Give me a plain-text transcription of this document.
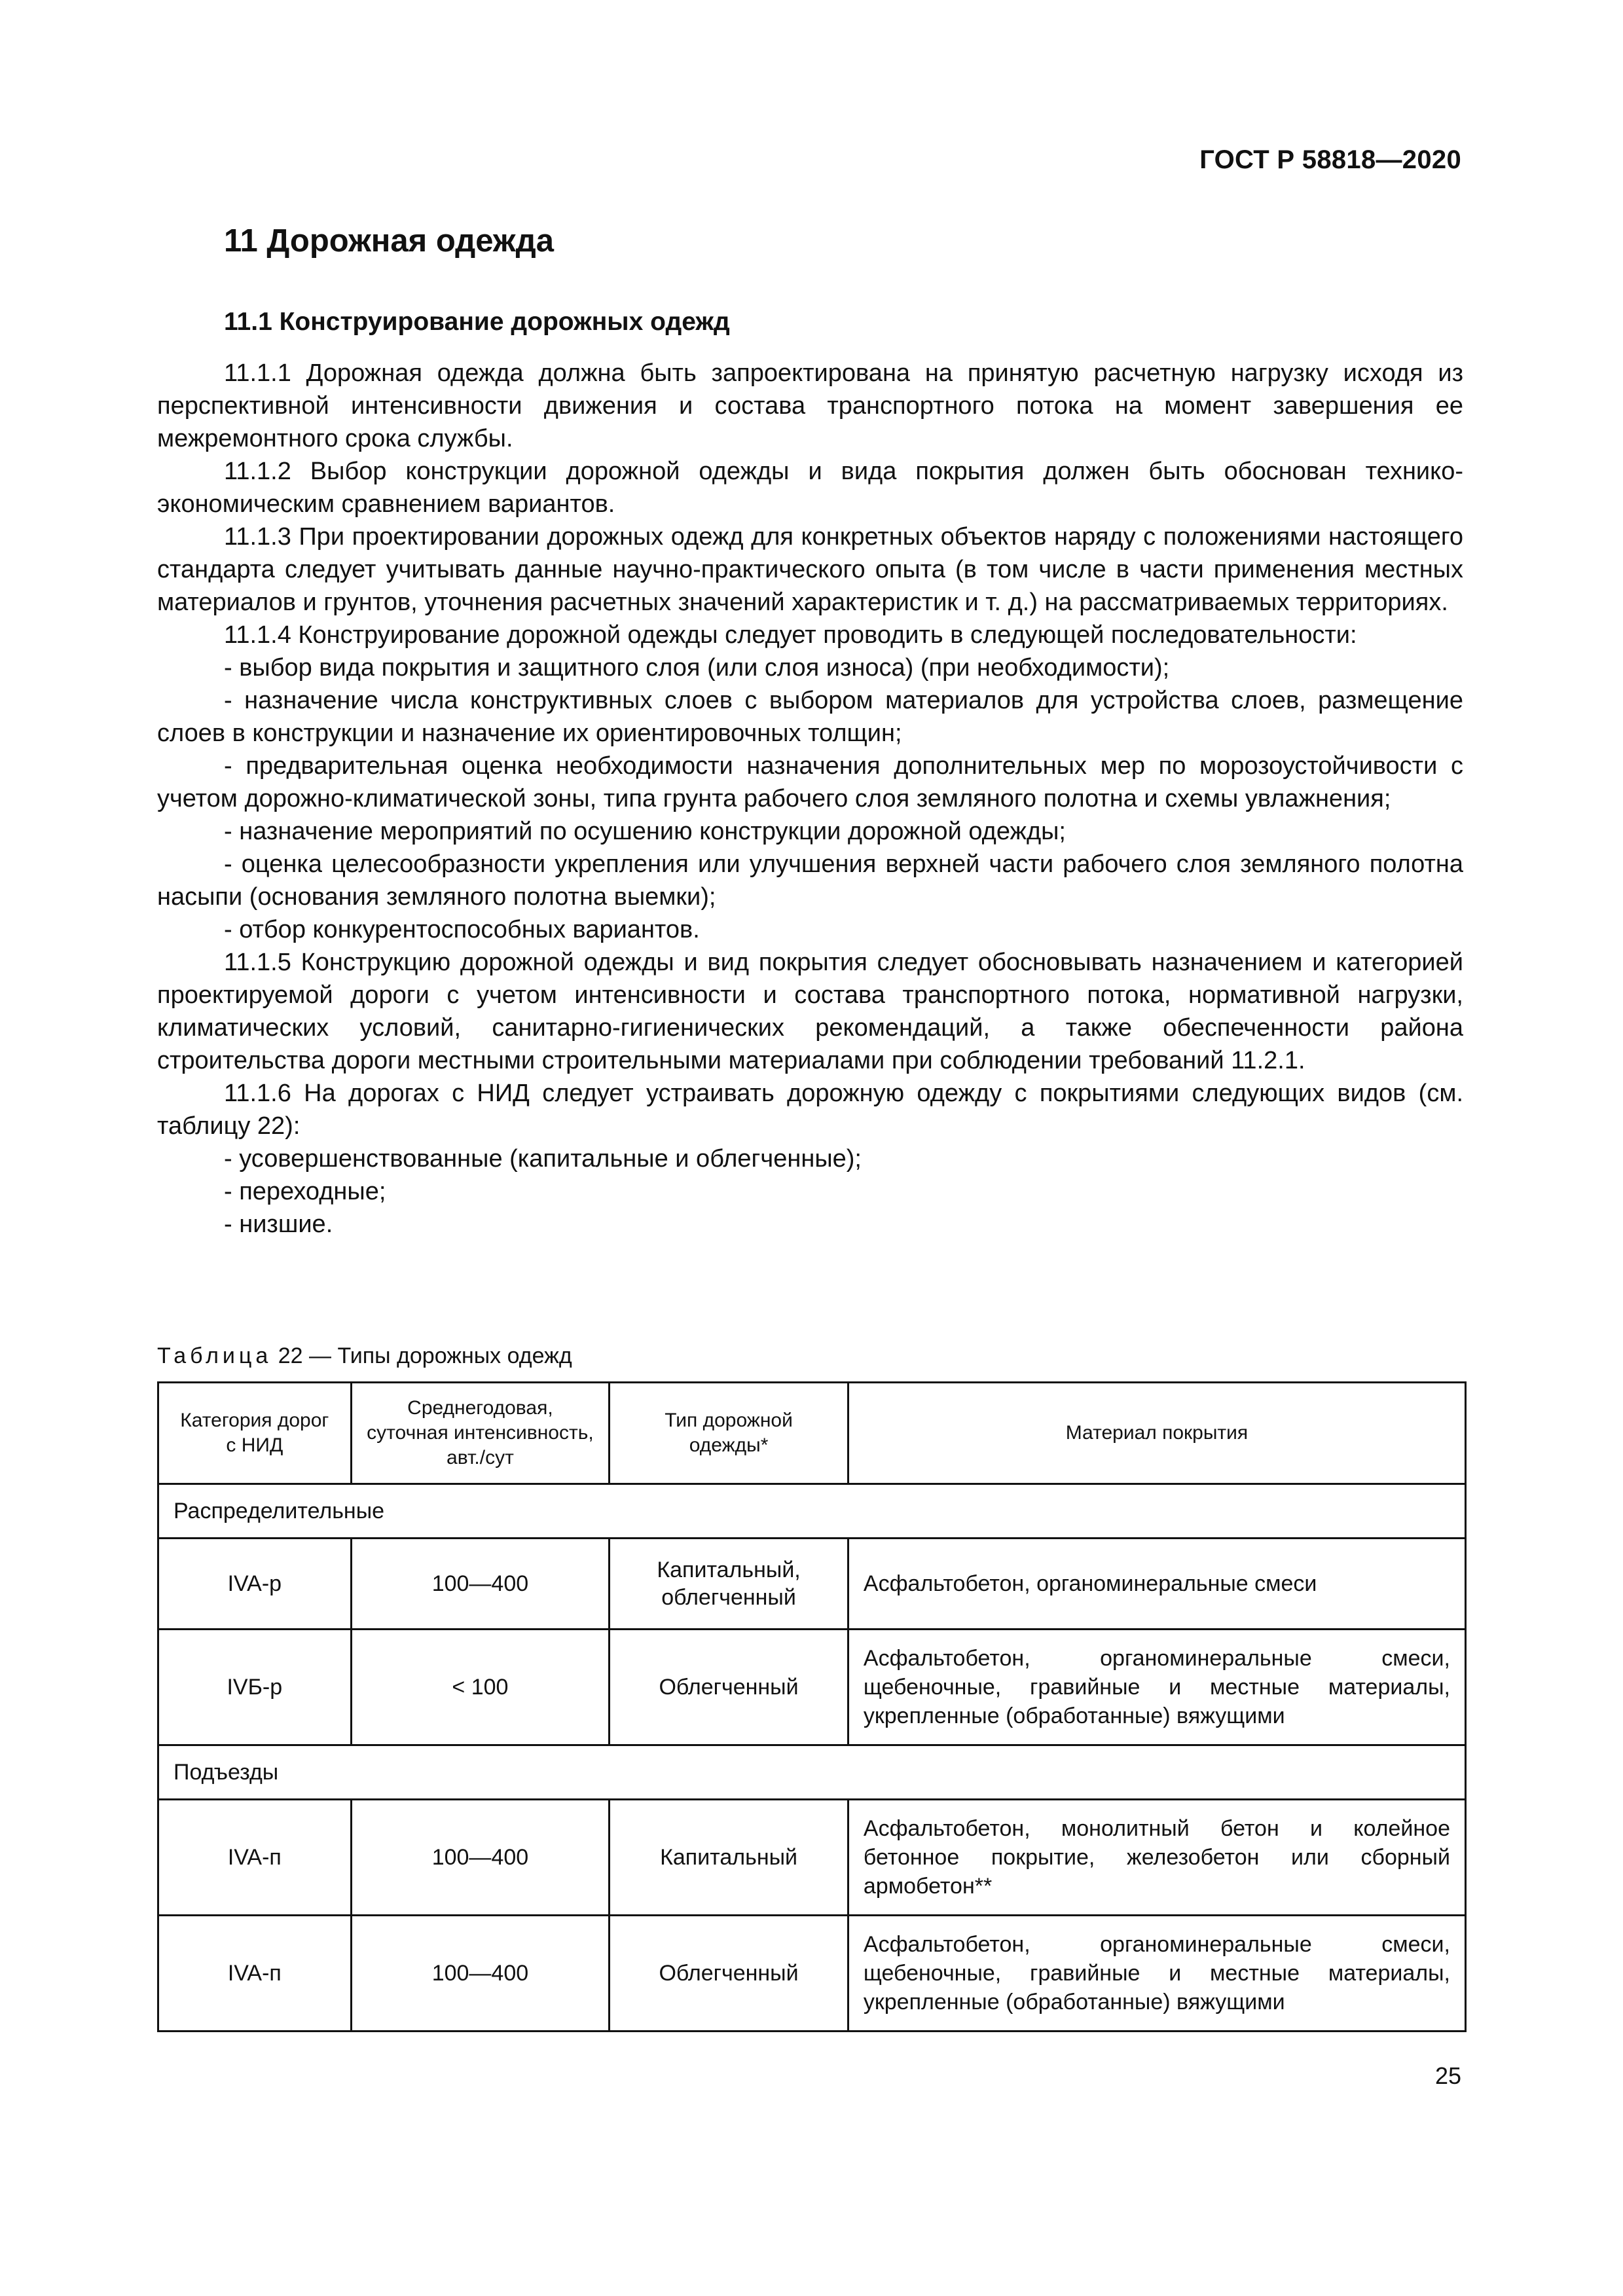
ГОСТ Р 58818—2020
11 Дорожная одежда
11.1 Конструирование дорожных одежд

11.1.1 Дорожная одежда должна быть запроектирована на принятую расчетную нагрузку исходя из перспективной интенсивности движения и состава транспортного потока на момент завершения ее межремонтного срока службы.

11.1.2 Выбор конструкции дорожной одежды и вида покрытия должен быть обоснован технико-экономическим сравнением вариантов.

11.1.3 При проектировании дорожных одежд для конкретных объектов наряду с положениями настоящего стандарта следует учитывать данные научно-практического опыта (в том числе в части применения местных материалов и грунтов, уточнения расчетных значений характеристик и т. д.) на рассматриваемых территориях.

11.1.4 Конструирование дорожной одежды следует проводить в следующей последовательности:

- выбор вида покрытия и защитного слоя (или слоя износа) (при необходимости);

- назначение числа конструктивных слоев с выбором материалов для устройства слоев, размещение слоев в конструкции и назначение их ориентировочных толщин;

- предварительная оценка необходимости назначения дополнительных мер по морозоустойчивости с учетом дорожно-климатической зоны, типа грунта рабочего слоя земляного полотна и схемы увлажнения;

- назначение мероприятий по осушению конструкции дорожной одежды;

- оценка целесообразности укрепления или улучшения верхней части рабочего слоя земляного полотна насыпи (основания земляного полотна выемки);

- отбор конкурентоспособных вариантов.

11.1.5 Конструкцию дорожной одежды и вид покрытия следует обосновывать назначением и категорией проектируемой дороги с учетом интенсивности и состава транспортного потока, нормативной нагрузки, климатических условий, санитарно-гигиенических рекомендаций, а также обеспеченности района строительства дороги местными строительными материалами при соблюдении требований 11.2.1.

11.1.6 На дорогах с НИД следует устраивать дорожную одежду с покрытиями следующих видов (см. таблицу 22):

- усовершенствованные (капитальные и облегченные);

- переходные;

- низшие.

Таблица 22 — Типы дорожных одежд
Категория дорог с НИД	Среднегодовая, суточная интенсивность, авт./сут	Тип дорожной одежды*	Материал покрытия
Распределительные			
IVA-р	100—400	Капитальный, облегченный	Асфальтобетон, органоминеральные смеси
IVБ-р	< 100	Облегченный	Асфальтобетон, органоминеральные смеси, щебеночные, гравийные и местные материалы, укрепленные (обработанные) вяжущими
Подъезды			
IVA-п	100—400	Капитальный	Асфальтобетон, монолитный бетон и колейное бетонное покрытие, железобетон или сборный армобетон**
IVA-п	100—400	Облегченный	Асфальтобетон, органоминеральные смеси, щебеночные, гравийные и местные материалы, укрепленные (обработанные) вяжущими
25
